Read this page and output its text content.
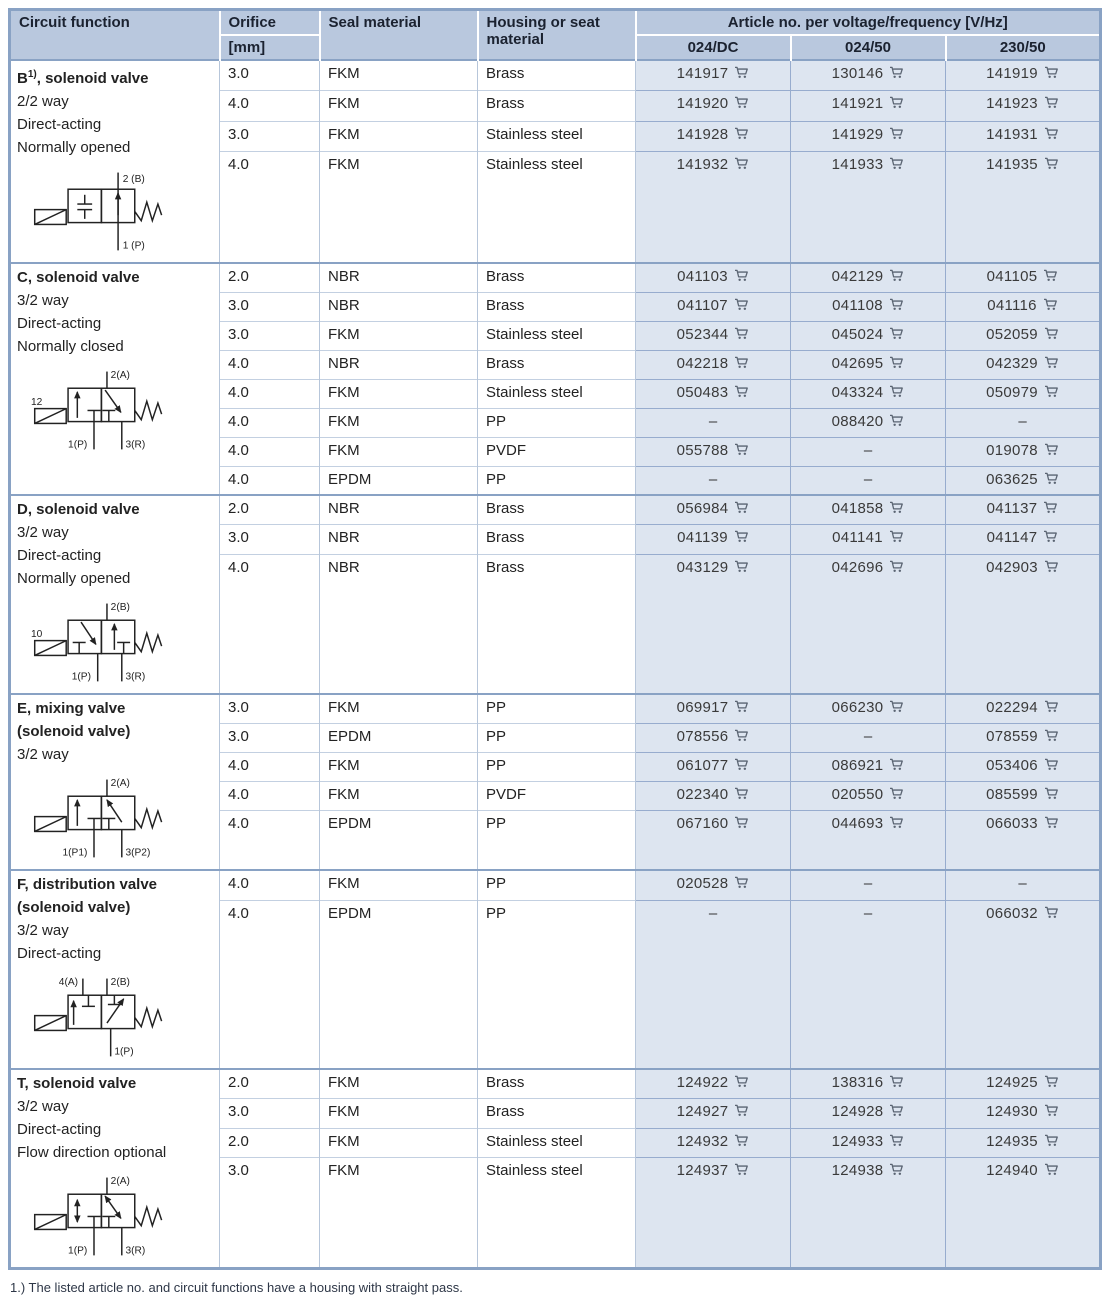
Circuit function	Orifice	Seal material	Housing or seat material	Article no. per voltage/frequency [V/Hz]		
	[mm]			024/DC	024/50	230/50

$B^{1)}$, solenoid valve
2/2 way
Direct-acting
Normally opened
2 (B)
1 (P)
	3.0	FKM	Brass	141917	130146	141919
	4.0	FKM	Brass	141920	141921	141923
	3.0	FKM	Stainless steel	141928	141929	141931
	4.0	FKM	Stainless steel	141932	141933	141935

C, solenoid valve
3/2 way
Direct-acting
Normally closed
12
2(A)
1(P)	3(R)
	2.0	NBR	Brass	041103	042129	041105
	3.0	NBR	Brass	041107	041108	041116
	3.0	FKM	Stainless steel	052344	045024	052059
	4.0	NBR	Brass	042218	042695	042329
	4.0	FKM	Stainless steel	050483	043324	050979
	4.0	FKM	PP	–	088420	–
	4.0	FKM	PVDF	055788	–	019078
	4.0	EPDM	PP	–	–	063625

D, solenoid valve
3/2 way
Direct-acting
Normally opened
10
2(B)
1(P)	3(R)
	2.0	NBR	Brass	056984	041858	041137
	3.0	NBR	Brass	041139	041141	041147
	4.0	NBR	Brass	043129	042696	042903

E, mixing valve
(solenoid valve)
3/2 way
2(A)
1(P1)	3(P2)
	3.0	FKM	PP	069917	066230	022294
	3.0	EPDM	PP	078556	–	078559
	4.0	FKM	PP	061077	086921	053406
	4.0	FKM	PVDF	022340	020550	085599
	4.0	EPDM	PP	067160	044693	066033

F, distribution valve
(solenoid valve)
3/2 way
Direct-acting
4(A)	2(B)
1(P)
	4.0	FKM	PP	020528	–	–
	4.0	EPDM	PP	–	–	066032

T, solenoid valve
3/2 way
Direct-acting
Flow direction optional
2(A)
1(P)	3(R)
	2.0	FKM	Brass	124922	138316	124925
	3.0	FKM	Brass	124927	124928	124930
	2.0	FKM	Stainless steel	124932	124933	124935
	3.0	FKM	Stainless steel	124937	124938	124940
1.) The listed article no. and circuit functions have a housing with straight pass.
